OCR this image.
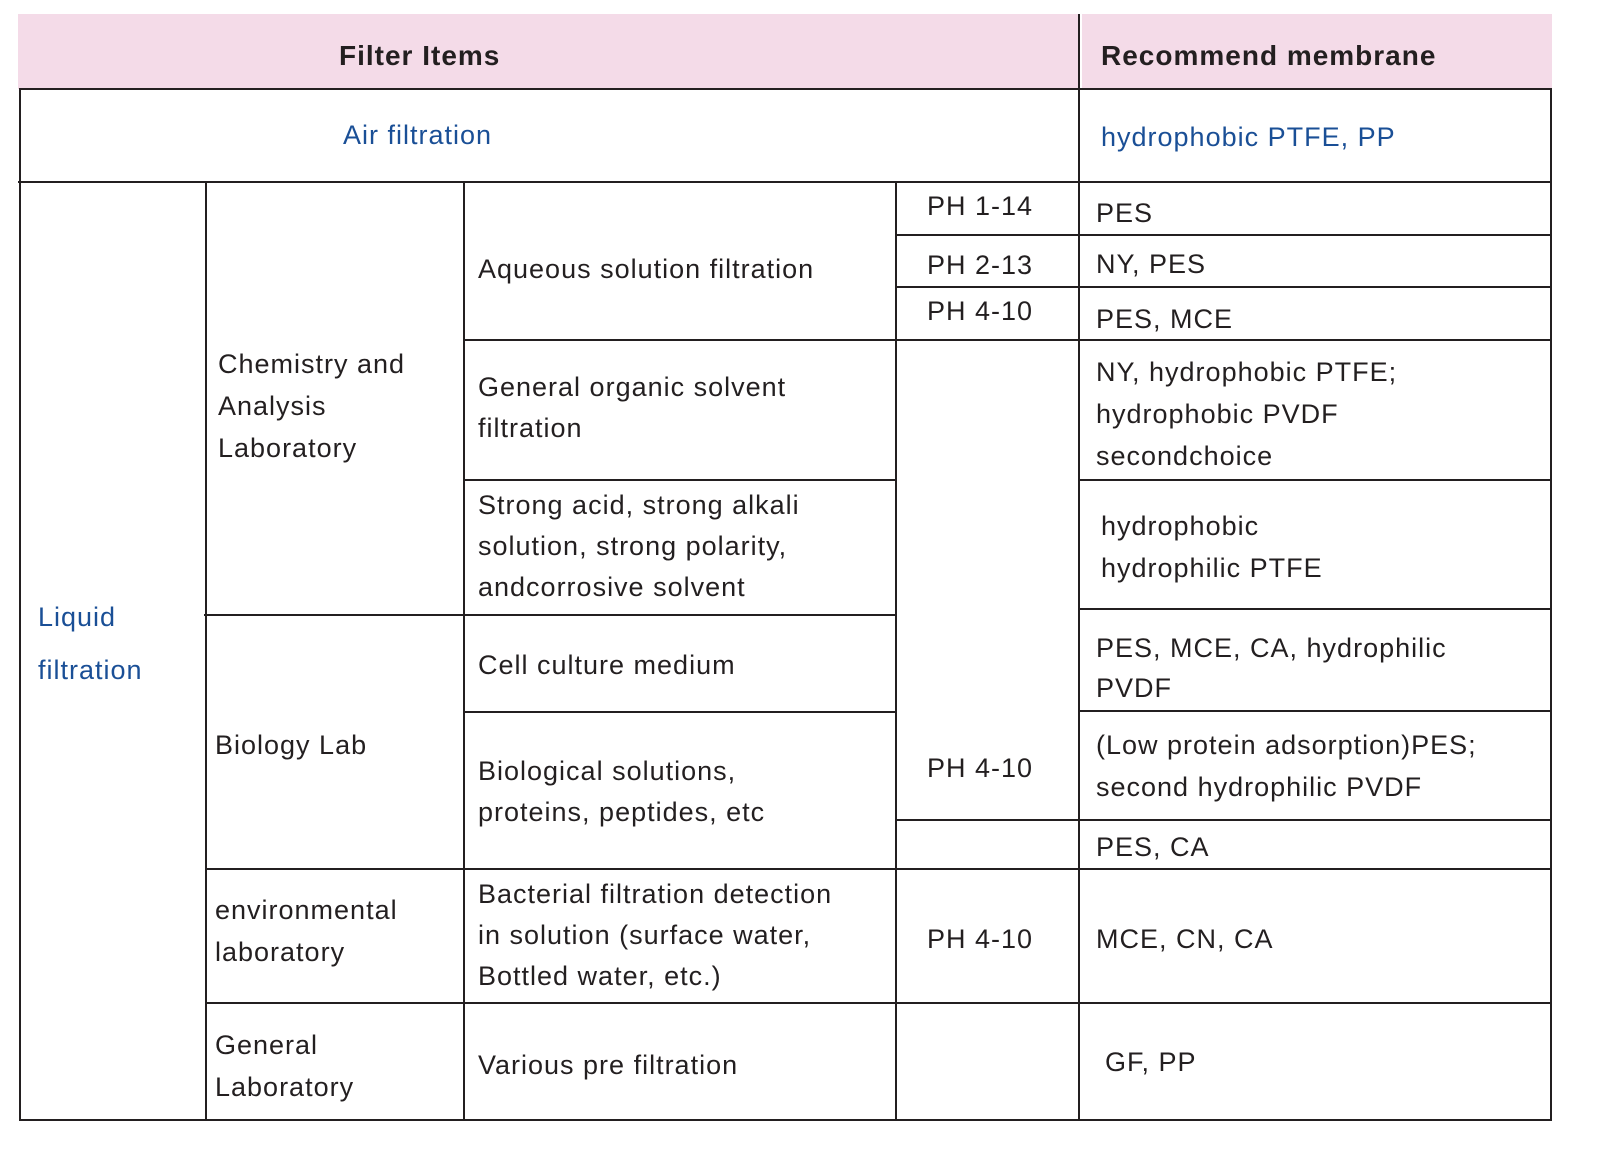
Filter Items	Recommend membrane
Air filtration	hydrophobic PTFE, PP
Liquid
filtration
Chemistry and
Analysis
Laboratory
Biology Lab
environmental
laboratory
General
Laboratory
Aqueous solution filtration
General organic solvent
filtration
Strong acid, strong alkali
solution, strong polarity,
andcorrosive solvent
Cell culture medium
Biological solutions,
proteins, peptides, etc
Bacterial filtration detection
in solution (surface water,
Bottled water, etc.)
Various pre filtration
PH 1-14
PH 2-13
PH 4-10
PH 4-10
PH 4-10
PES
NY, PES
PES, MCE
NY, hydrophobic PTFE;
hydrophobic PVDF
secondchoice
hydrophobic
hydrophilic PTFE
PES, MCE, CA, hydrophilic
PVDF
(Low protein adsorption)PES;
second hydrophilic PVDF
PES, CA
MCE, CN, CA
GF, PP
